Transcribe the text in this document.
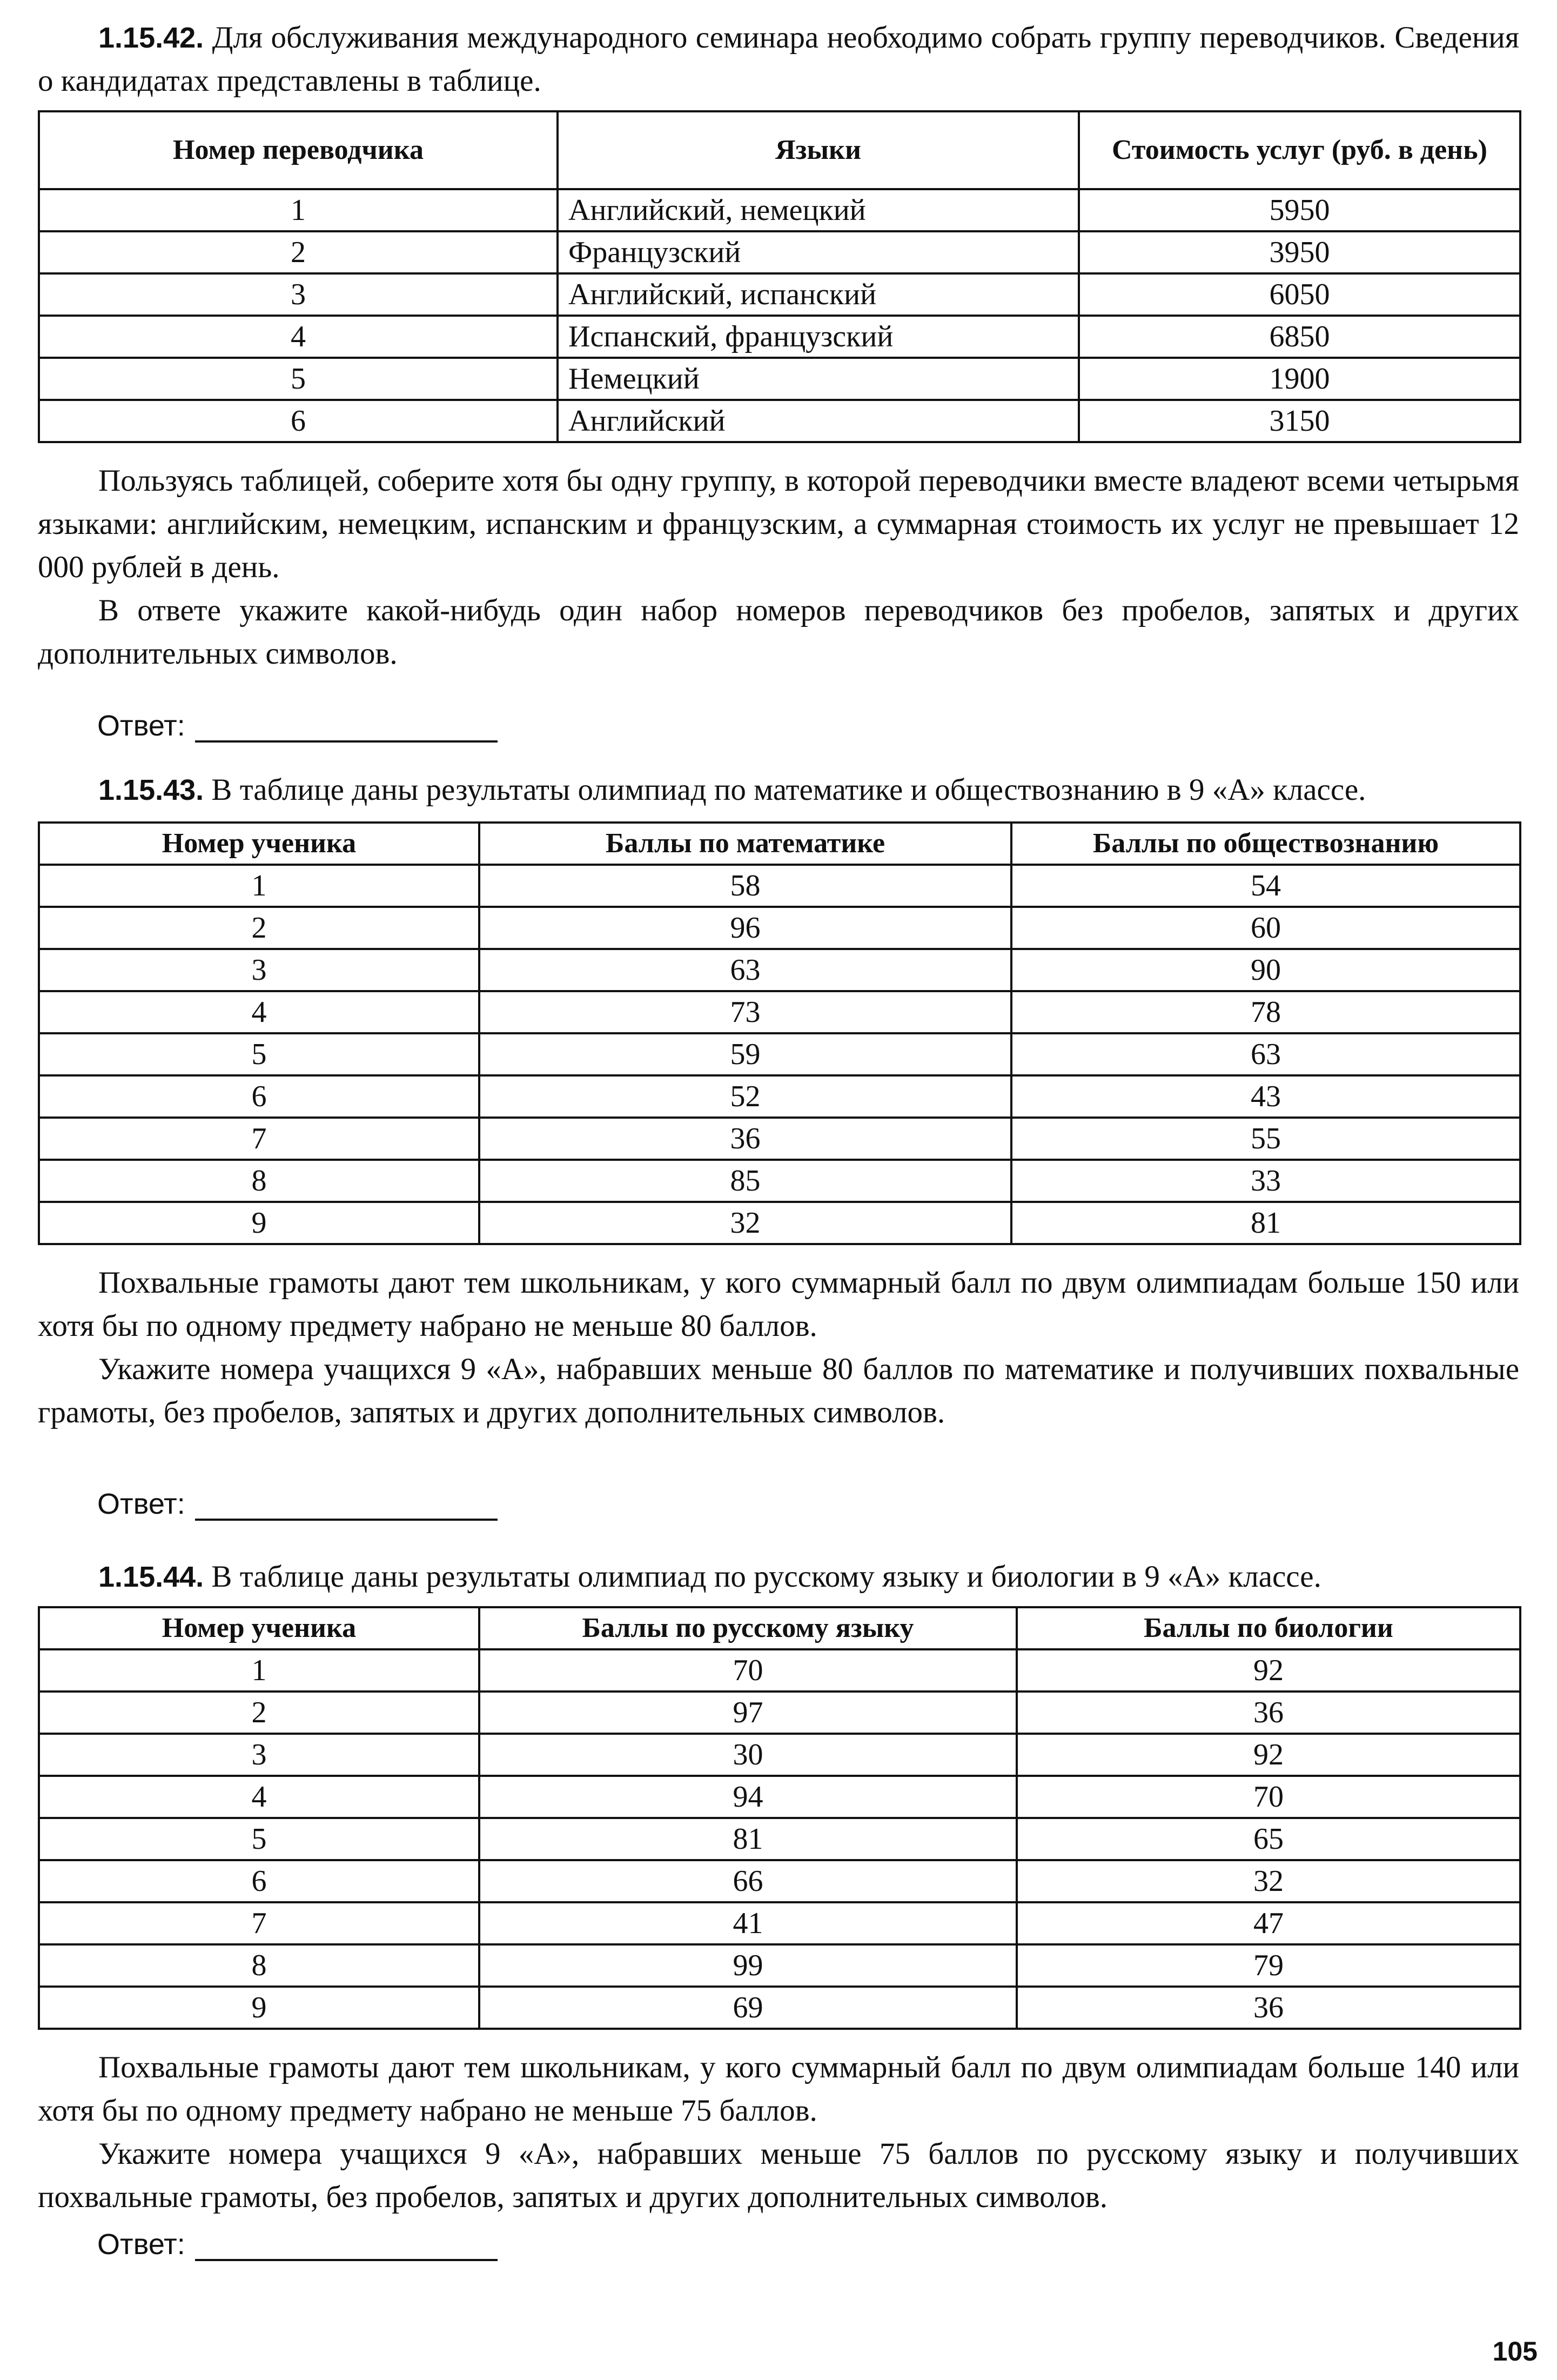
1.15.42. Для обслуживания международного семинара необходимо собрать группу переводчиков. Сведения о кандидатах представлены в таблице.

Номер переводчика	Языки	Стоимость услуг (руб. в день)
1	Английский, немецкий	5950
2	Французский	3950
3	Английский, испанский	6050
4	Испанский, французский	6850
5	Немецкий	1900
6	Английский	3150

Пользуясь таблицей, соберите хотя бы одну группу, в которой переводчики вместе владеют всеми четырьмя языками: английским, немецким, испанским и французским, а суммарная стоимость их услуг не превышает 12 000 рублей в день.

В ответе укажите какой-нибудь один набор номеров переводчиков без пробелов, запятых и других дополнительных символов.

Ответ:

1.15.43. В таблице даны результаты олимпиад по математике и обществознанию в 9 «А» классе.

Номер ученика	Баллы по математике	Баллы по обществознанию
1	58	54
2	96	60
3	63	90
4	73	78
5	59	63
6	52	43
7	36	55
8	85	33
9	32	81

Похвальные грамоты дают тем школьникам, у кого суммарный балл по двум олимпиадам больше 150 или хотя бы по одному предмету набрано не меньше 80 баллов.

Укажите номера учащихся 9 «А», набравших меньше 80 баллов по математике и получивших похвальные грамоты, без пробелов, запятых и других дополнительных символов.

Ответ:

1.15.44. В таблице даны результаты олимпиад по русскому языку и биологии в 9 «А» классе.

Номер ученика	Баллы по русскому языку	Баллы по биологии
1	70	92
2	97	36
3	30	92
4	94	70
5	81	65
6	66	32
7	41	47
8	99	79
9	69	36

Похвальные грамоты дают тем школьникам, у кого суммарный балл по двум олимпиадам больше 140 или хотя бы по одному предмету набрано не меньше 75 баллов.

Укажите номера учащихся 9 «А», набравших меньше 75 баллов по русскому языку и получивших похвальные грамоты, без пробелов, запятых и других дополнительных символов.

Ответ:
105
